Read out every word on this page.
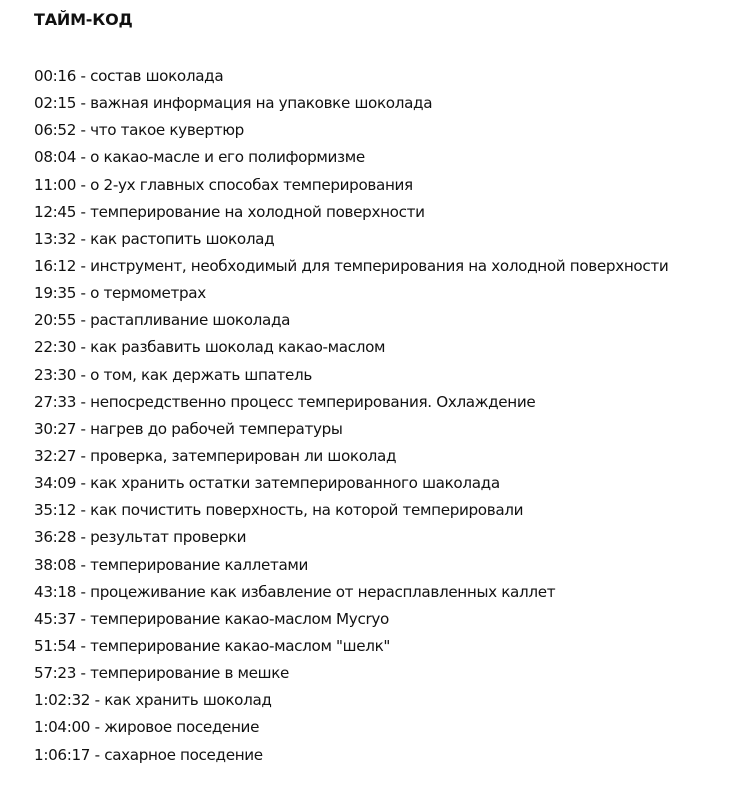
ТАЙМ-КОД
00:16 - состав шоколада
02:15 - важная информация на упаковке шоколада
06:52 - что такое кувертюр
08:04 - о какао-масле и его полиформизме
11:00 - о 2-ух главных способах темперирования
12:45 - темперирование на холодной поверхности
13:32 - как растопить шоколад
16:12 - инструмент, необходимый для темперирования на холодной поверхности
19:35 - о термометрах
20:55 - растапливание шоколада
22:30 - как разбавить шоколад какао-маслом
23:30 - о том, как держать шпатель
27:33 - непосредственно процесс темперирования. Охлаждение
30:27 - нагрев до рабочей температуры
32:27 - проверка, затемперирован ли шоколад
34:09 - как хранить остатки затемперированного шаколада
35:12 - как почистить поверхность, на которой темперировали
36:28 - результат проверки
38:08 - темперирование каллетами
43:18 - процеживание как избавление от нерасплавленных каллет
45:37 - темперирование какао-маслом Mycryo
51:54 - темперирование какао-маслом "шелк"
57:23 - темперирование в мешке
1:02:32 - как хранить шоколад
1:04:00 - жировое поседение
1:06:17 - сахарное поседение
